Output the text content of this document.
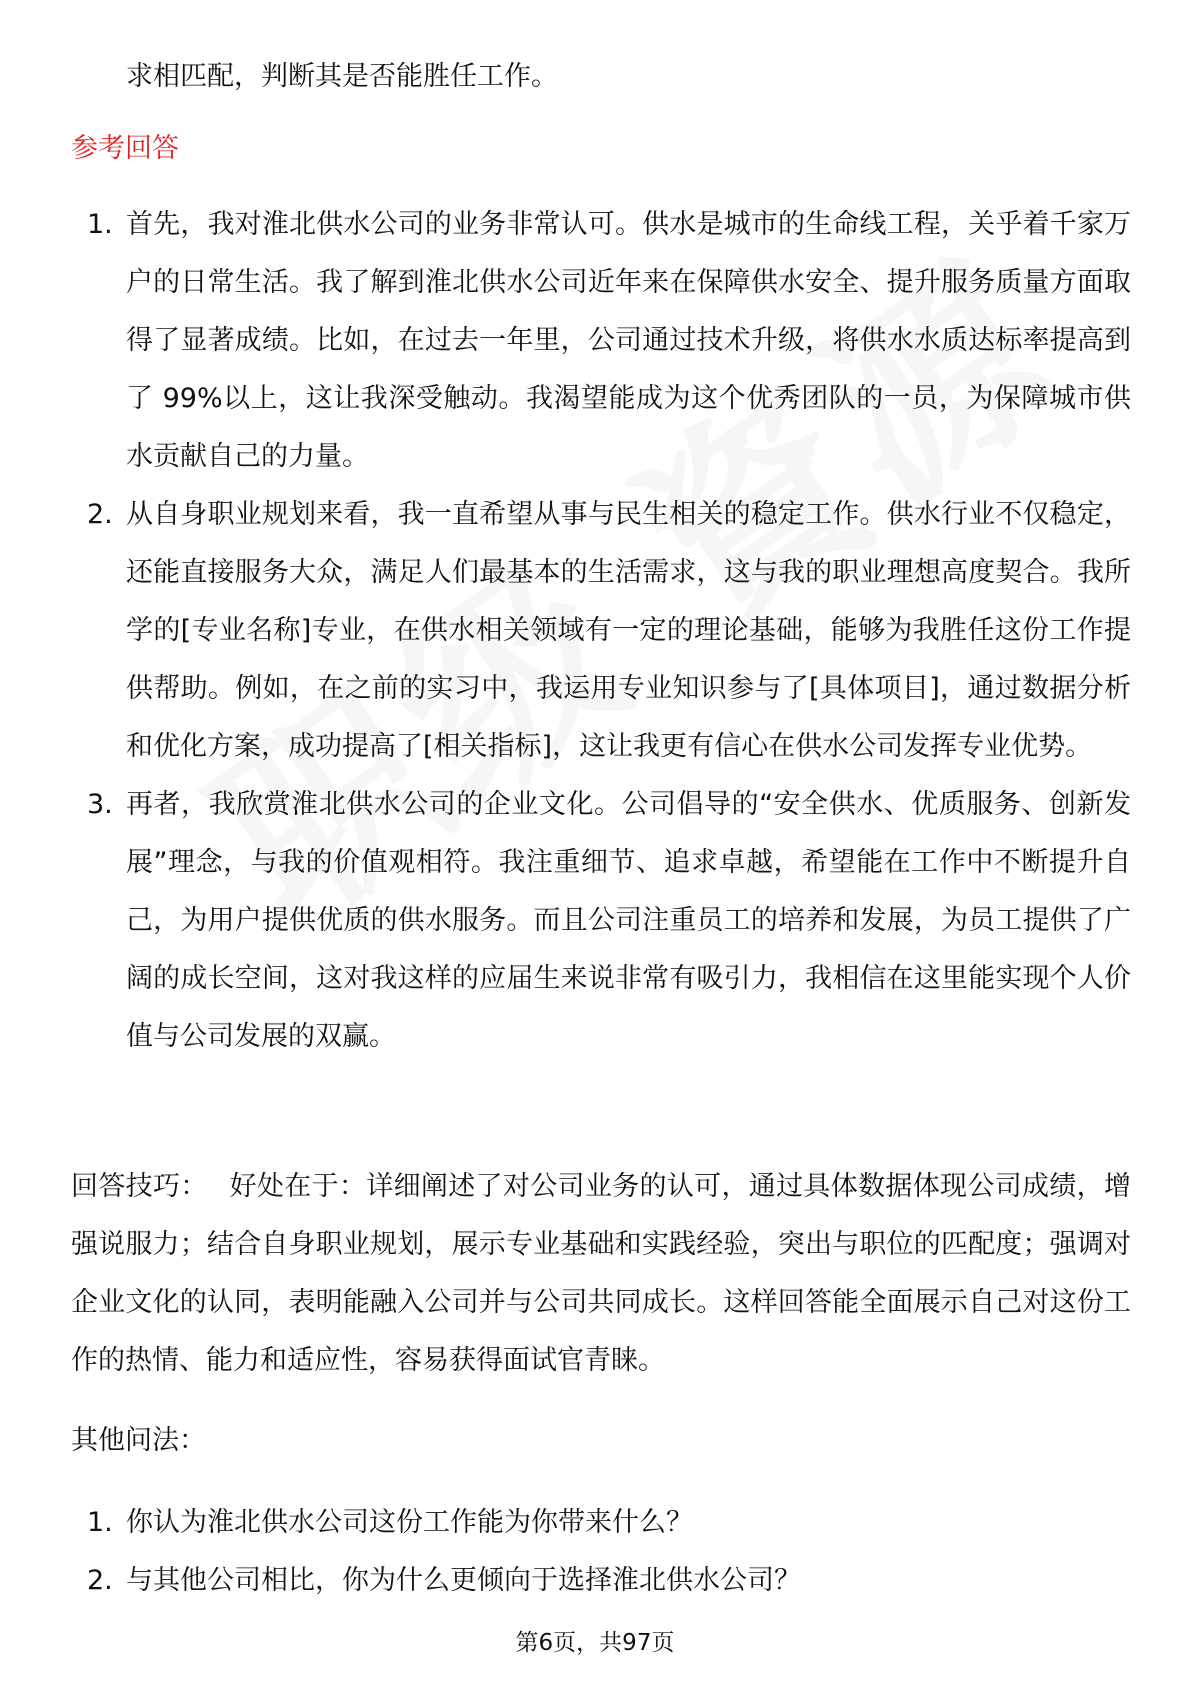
求相匹配，判断其是否能胜任工作。
参考回答
1. 首先，我对淮北供水公司的业务非常认可。供水是城市的生命线工程，关乎着千家万户的日常生活。我了解到淮北供水公司近年来在保障供水安全、提升服务质量方面取得了显著成绩。比如，在过去一年里，公司通过技术升级，将供水水质达标率提高到了 99%以上，这让我深受触动。我渴望能成为这个优秀团队的一员，为保障城市供水贡献自己的力量。
2. 从自身职业规划来看，我一直希望从事与民生相关的稳定工作。供水行业不仅稳定，还能直接服务大众，满足人们最基本的生活需求，这与我的职业理想高度契合。我所学的[专业名称]专业，在供水相关领域有一定的理论基础，能够为我胜任这份工作提供帮助。例如，在之前的实习中，我运用专业知识参与了[具体项目]，通过数据分析和优化方案，成功提高了[相关指标]，这让我更有信心在供水公司发挥专业优势。
3. 再者，我欣赏淮北供水公司的企业文化。公司倡导的“安全供水、优质服务、创新发展”理念，与我的价值观相符。我注重细节、追求卓越，希望能在工作中不断提升自己，为用户提供优质的供水服务。而且公司注重员工的培养和发展，为员工提供了广阔的成长空间，这对我这样的应届生来说非常有吸引力，我相信在这里能实现个人价值与公司发展的双赢。

回答技巧： 好处在于：详细阐述了对公司业务的认可，通过具体数据体现公司成绩，增强说服力；结合自身职业规划，展示专业基础和实践经验，突出与职位的匹配度；强调对企业文化的认同，表明能融入公司并与公司共同成长。这样回答能全面展示自己对这份工作的热情、能力和适应性，容易获得面试官青睐。

其他问法：
1. 你认为淮北供水公司这份工作能为你带来什么？
2. 与其他公司相比，你为什么更倾向于选择淮北供水公司？
第6页，共97页
